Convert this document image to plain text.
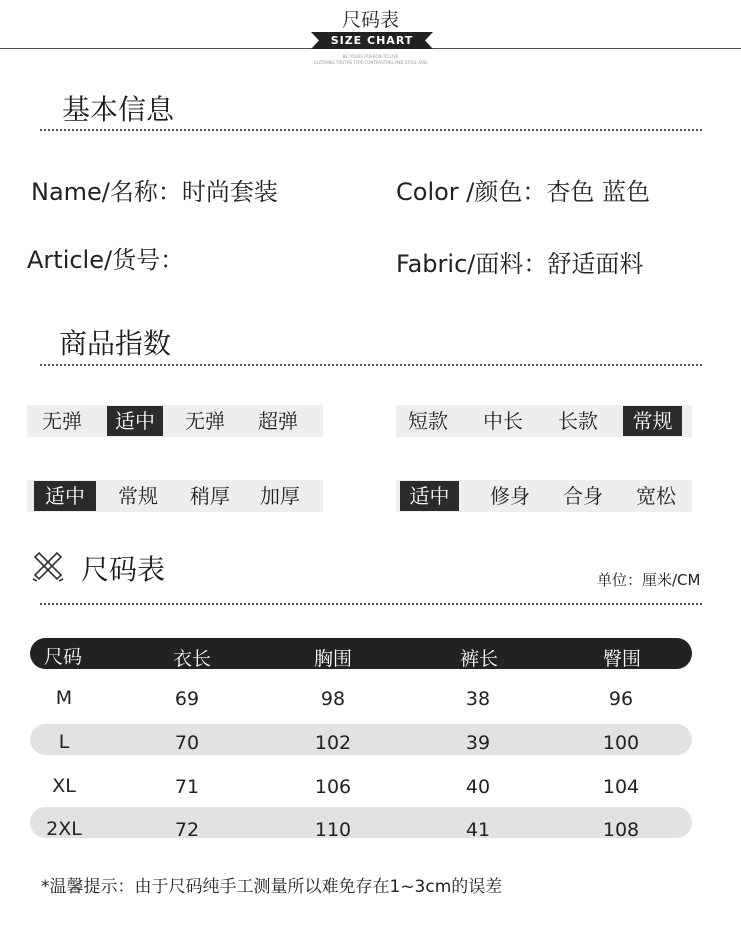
尺码表
SIZE CHART
BE YOURS FASHION TO LIVE
CLOTHING TRUTHS TYPE CONTRASTING AND STYLE ADD
基本信息
Name/名称：时尚套装	Color /颜色：杏色 蓝色
Article/货号：	Fabric/面料：舒适面料
商品指数
无弹	适中	无弹	超弹	短款	中长	长款	常规
适中	常规	稍厚	加厚	适中	修身	合身	宽松
尺码表	单位：厘米/CM
尺码	衣长	胸围	裤长	臀围
M	69	98	38	96
L	70	102	39	100
XL	71	106	40	104
2XL	72	110	41	108
*温馨提示：由于尺码纯手工测量所以难免存在1~3cm的误差
